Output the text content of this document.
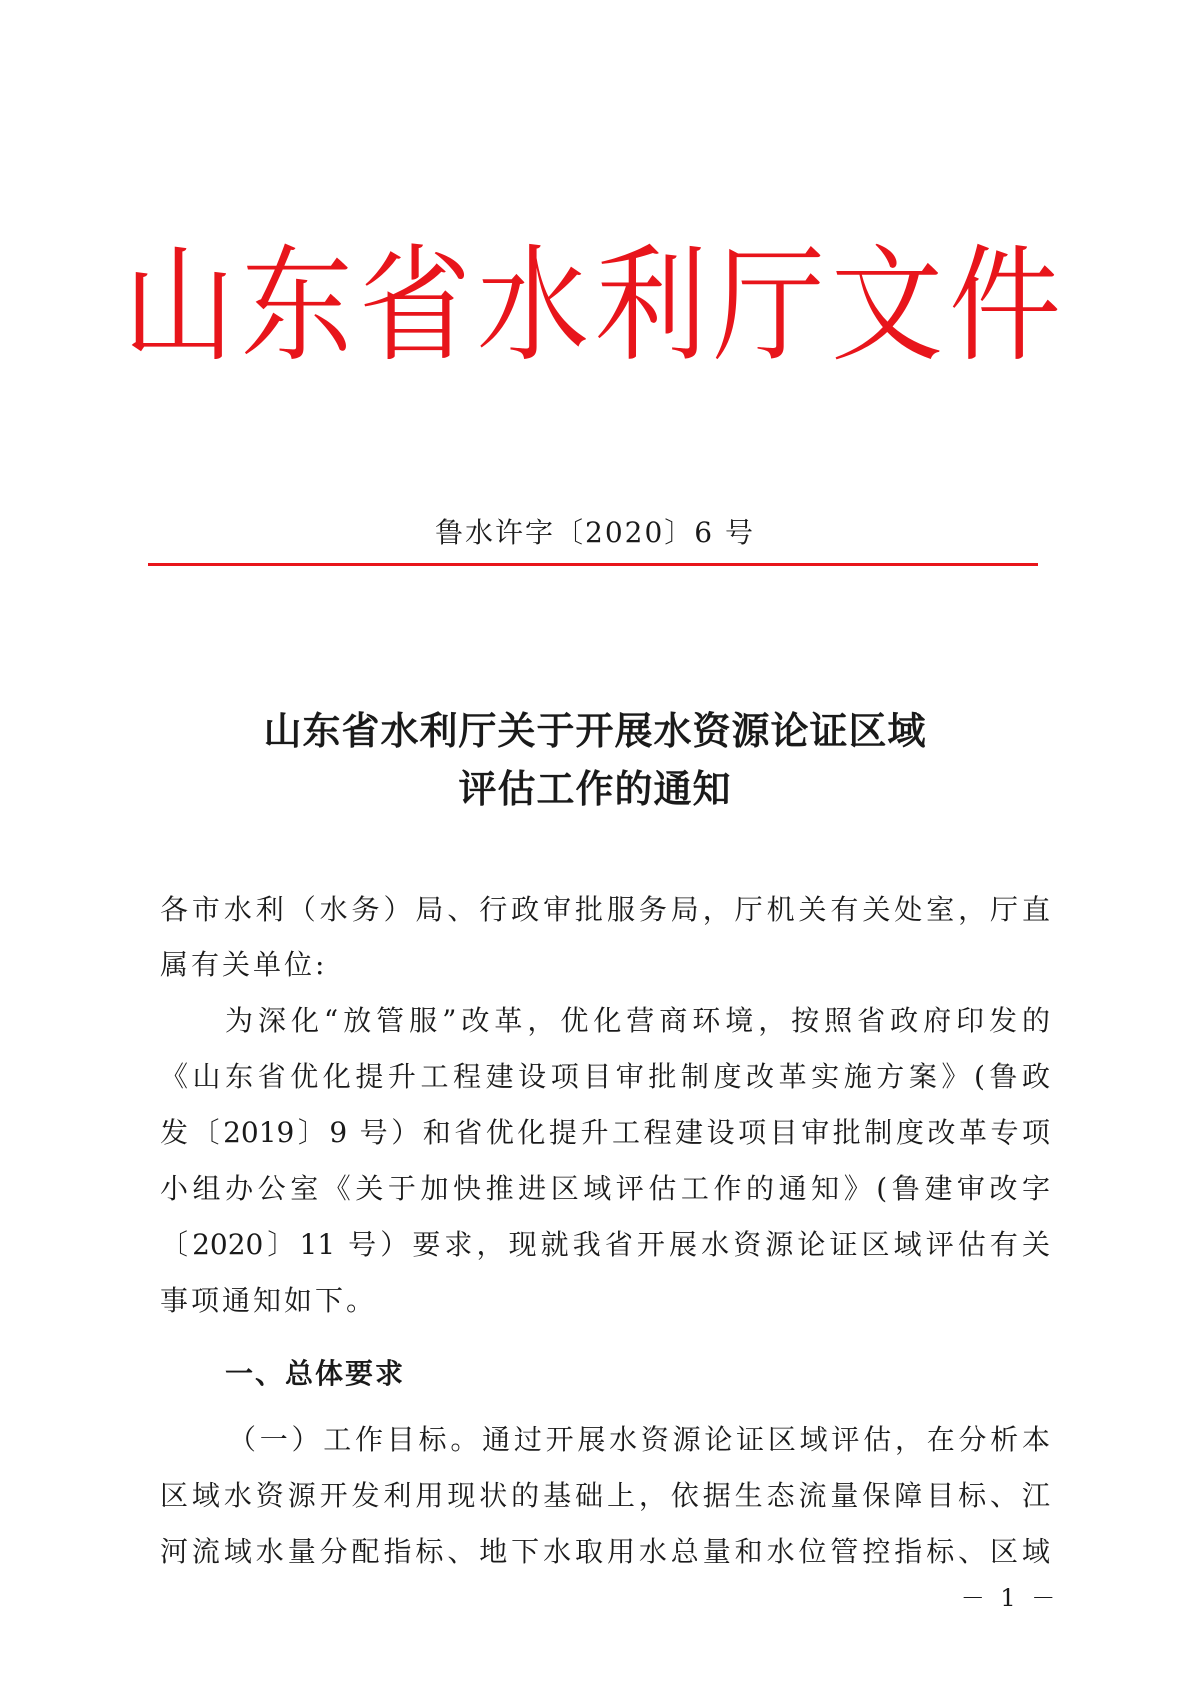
山东省水利厅文件
鲁水许字〔2020〕6 号
山东省水利厅关于开展水资源论证区域
评估工作的通知
各市水利（水务）局、行政审批服务局，厅机关有关处室，厅直
属有关单位:
为深化“放管服”改革，优化营商环境，按照省政府印发的
《山东省优化提升工程建设项目审批制度改革实施方案》(鲁政
发〔2019〕9 号）和省优化提升工程建设项目审批制度改革专项
小组办公室《关于加快推进区域评估工作的通知》(鲁建审改字
〔2020〕11 号）要求，现就我省开展水资源论证区域评估有关
事项通知如下。
一、总体要求
（一）工作目标。通过开展水资源论证区域评估，在分析本
区域水资源开发利用现状的基础上，依据生态流量保障目标、江
河流域水量分配指标、地下水取用水总量和水位管控指标、区域
－ 1 －
